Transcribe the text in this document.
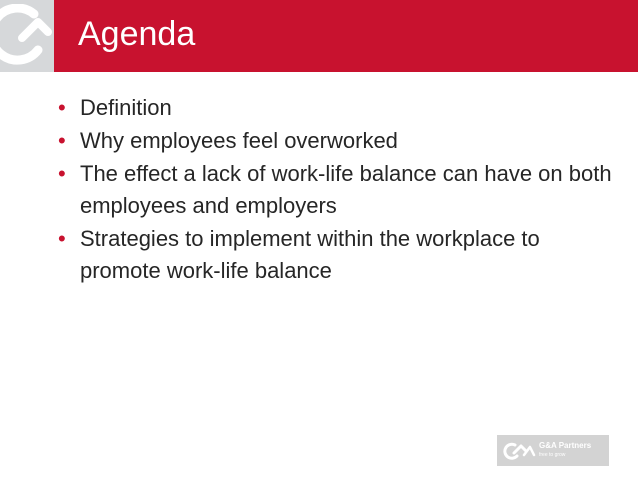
Agenda
• Definition
• Why employees feel overworked
• The effect a lack of work-life balance can have on both employees and employers
• Strategies to implement within the workplace to promote work-life balance
G&A Partners
free to grow
